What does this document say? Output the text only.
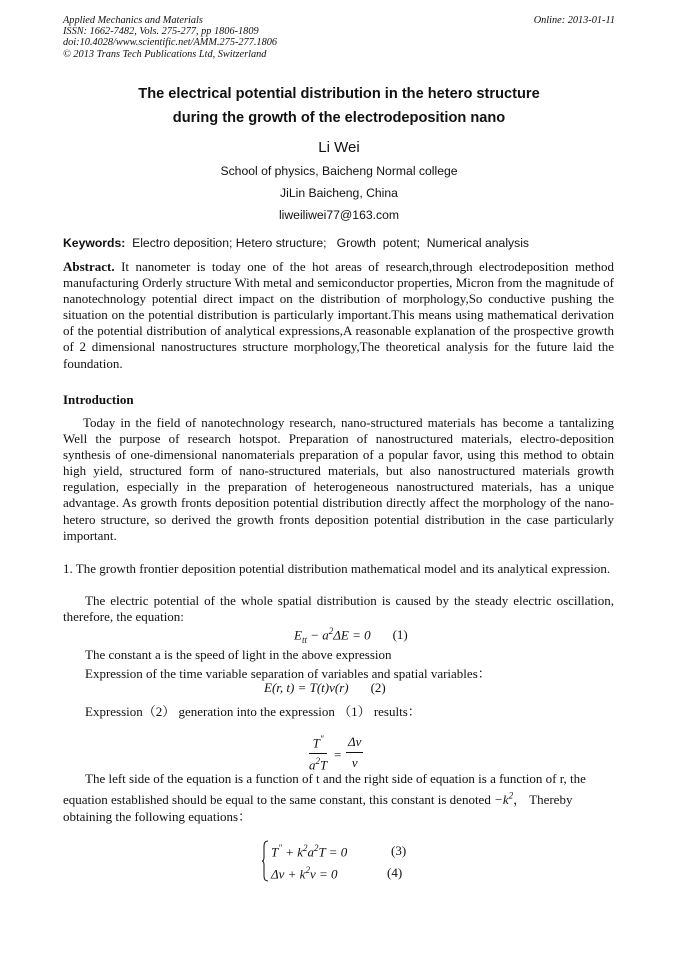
Applied Mechanics and Materials
ISSN: 1662-7482, Vols. 275-277, pp 1806-1809
doi:10.4028/www.scientific.net/AMM.275-277.1806
© 2013 Trans Tech Publications Ltd, Switzerland
Online: 2013-01-11
The electrical potential distribution in the hetero structure
during the growth of the electrodeposition nano
Li Wei
School of physics, Baicheng Normal college
JiLin Baicheng, China
liweiliwei77@163.com
Keywords:  Electro deposition; Hetero structure;   Growth  potent;  Numerical analysis
Abstract. It nanometer is today one of the hot areas of research,through electrodeposition method manufacturing Orderly structure With metal and semiconductor properties, Micron from the magnitude of nanotechnology potential direct impact on the distribution of morphology,So conductive pushing the situation on the potential distribution is particularly important.This means using mathematical derivation of the potential distribution of analytical expressions,A reasonable explanation of the prospective growth of 2 dimensional nanostructures structure morphology,The theoretical analysis for the future laid the foundation.
Introduction
Today in the field of nanotechnology research, nano-structured materials has become a tantalizing Well the purpose of research hotspot. Preparation of nanostructured materials, electro-deposition synthesis of one-dimensional nanomaterials preparation of a popular favor, using this method to obtain high yield, structured form of nano-structured materials, but also nanostructured materials growth regulation, especially in the preparation of heterogeneous nanostructured materials, has a unique advantage. As growth fronts deposition potential distribution directly affect the morphology of the nano-hetero structure, so derived the growth fronts deposition potential distribution in the case particularly important.
1. The growth frontier deposition potential distribution mathematical model and its analytical expression.
The electric potential of the whole spatial distribution is caused by the steady electric oscillation, therefore, the equation:
$E_{tt} - a^2\Delta E = 0$ (1)
The constant a is the speed of light in the above expression
Expression of the time variable separation of variables and spatial variables：
E(r, t) = T(t)v(r) (2)
Expression（2） generation into the expression （1） results：
$\frac{T''}{a^2T} = \frac{\Delta v}{v}$
The left side of the equation is a function of t and the right side of equation is a function of r, the
equation established should be equal to the same constant, this constant is denoted $-k^2$， Thereby
obtaining the following equations：
$T'' + k^2a^2T = 0$	(3)
$\Delta v + k^2v = 0$	(4)
